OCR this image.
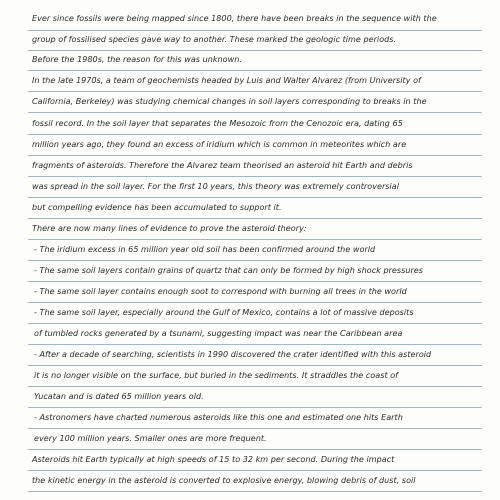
Ever since fossils were being mapped since 1800, there have been breaks in the sequence with the
group of fossilised species gave way to another. These marked the geologic time periods.
Before the 1980s, the reason for this was unknown.
In the late 1970s, a team of geochemists headed by Luis and Walter Alvarez (from University of
California, Berkeley) was studying chemical changes in soil layers corresponding to breaks in the
fossil record. In the soil layer that separates the Mesozoic from the Cenozoic era, dating 65
million years ago, they found an excess of iridium which is common in meteorites which are
fragments of asteroids. Therefore the Alvarez team theorised an asteroid hit Earth and debris
was spread in the soil layer. For the first 10 years, this theory was extremely controversial
but compelling evidence has been accumulated to support it.
There are now many lines of evidence to prove the asteroid theory:
- The iridium excess in 65 million year old soil has been confirmed around the world
- The same soil layers contain grains of quartz that can only be formed by high shock pressures
- The same soil layer contains enough soot to correspond with burning all trees in the world
- The same soil layer, especially around the Gulf of Mexico, contains a lot of massive deposits
of tumbled rocks generated by a tsunami, suggesting impact was near the Caribbean area
- After a decade of searching, scientists in 1990 discovered the crater identified with this asteroid
it is no longer visible on the surface, but buried in the sediments. It straddles the coast of
Yucatan and is dated 65 million years old.
- Astronomers have charted numerous asteroids like this one and estimated one hits Earth
every 100 million years. Smaller ones are more frequent.
Asteroids hit Earth typically at high speeds of 15 to 32 km per second. During the impact
the kinetic energy in the asteroid is converted to explosive energy, blowing debris of dust, soil
